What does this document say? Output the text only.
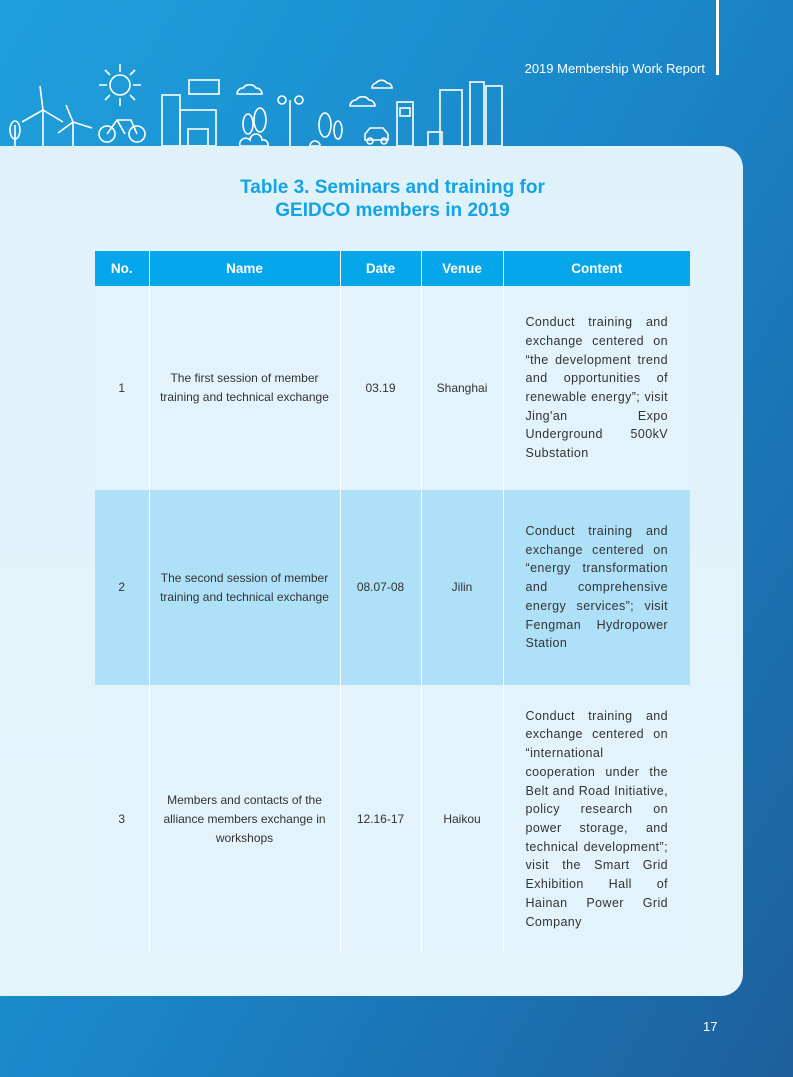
2019 Membership Work Report
Table 3. Seminars and training for
GEIDCO members in 2019
No.	Name	Date	Venue	Content
1	The first session of member training and technical exchange	03.19	Shanghai	Conduct training and exchange centered on “the development trend and opportunities of renewable energy”; visit Jing'an Expo Underground 500kV Substation
2	The second session of member training and technical exchange	08.07-08	Jilin	Conduct training and exchange centered on “energy transformation and comprehensive energy services”; visit Fengman Hydropower Station
3	Members and contacts of the alliance members exchange in workshops	12.16-17	Haikou	Conduct training and exchange centered on “international cooperation under the Belt and Road Initiative, policy research on power storage, and technical development”; visit the Smart Grid Exhibition Hall of Hainan Power Grid Company
17
